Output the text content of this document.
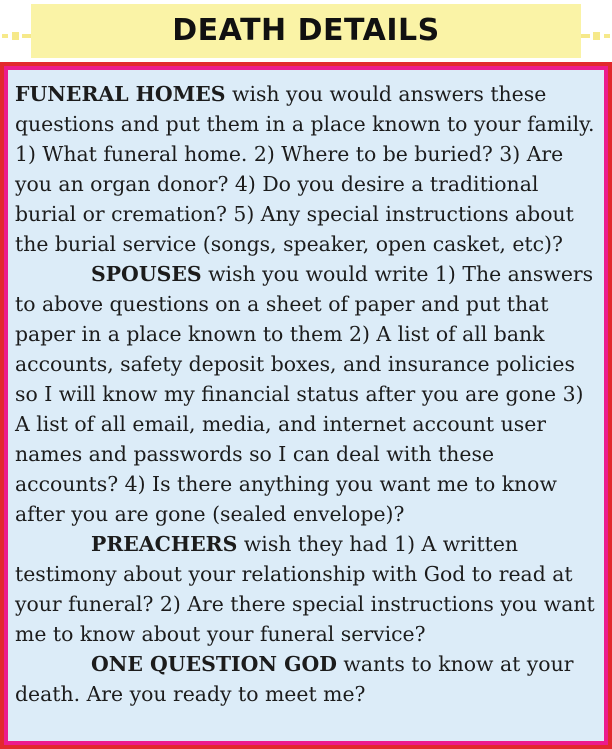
DEATH DETAILS

FUNERAL HOMES wish you would answers these questions and put them in a place known to your family. 1) What funeral home. 2) Where to be buried? 3) Are you an organ donor? 4) Do you desire a traditional burial or cremation? 5) Any special instructions about the burial service (songs, speaker, open casket, etc)?

SPOUSES wish you would write 1) The answers to above questions on a sheet of paper and put that paper in a place known to them 2) A list of all bank accounts, safety deposit boxes, and insurance policies so I will know my financial status after you are gone 3) A list of all email, media, and internet account user names and passwords so I can deal with these accounts? 4) Is there anything you want me to know after you are gone (sealed envelope)?

PREACHERS wish they had 1) A written testimony about your relationship with God to read at your funeral? 2) Are there special instructions you want me to know about your funeral service?

ONE QUESTION GOD wants to know at your death. Are you ready to meet me?
